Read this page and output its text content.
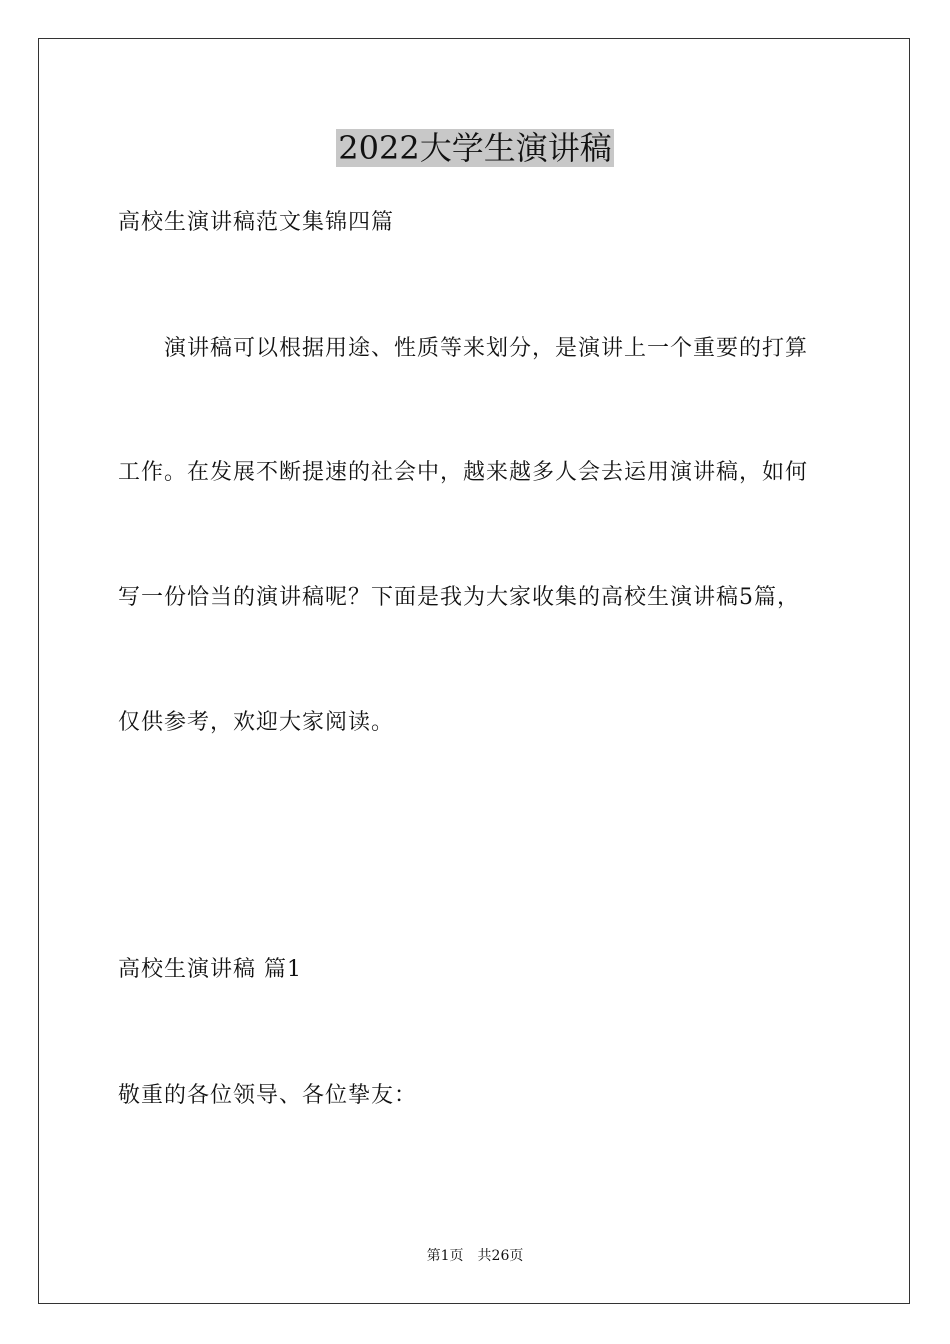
2022大学生演讲稿
高校生演讲稿范文集锦四篇
演讲稿可以根据用途、性质等来划分，是演讲上一个重要的打算
工作。在发展不断提速的社会中，越来越多人会去运用演讲稿，如何
写一份恰当的演讲稿呢？下面是我为大家收集的高校生演讲稿5篇，
仅供参考，欢迎大家阅读。
高校生演讲稿 篇1
敬重的各位领导、各位挚友：
第1页　共26页
